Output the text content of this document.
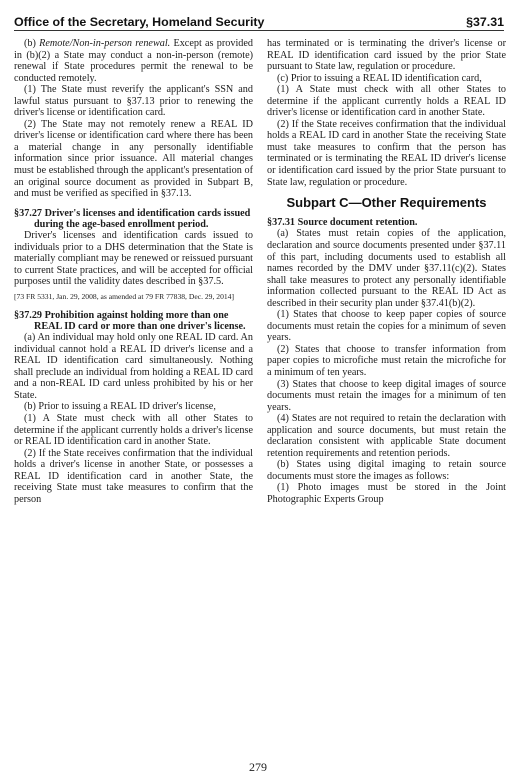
Office of the Secretary, Homeland Security	§37.31

(b) Remote/Non-in-person renewal. Except as provided in (b)(2) a State may conduct a non-in-person (remote) renewal if State procedures permit the renewal to be conducted remotely.

(1) The State must reverify the applicant's SSN and lawful status pursuant to §37.13 prior to renewing the driver's license or identification card.

(2) The State may not remotely renew a REAL ID driver's license or identification card where there has been a material change in any personally identifiable information since prior issuance. All material changes must be established through the applicant's presentation of an original source document as provided in Subpart B, and must be verified as specified in §37.13.

§37.27 Driver's licenses and identification cards issued during the age-based enrollment period.

Driver's licenses and identification cards issued to individuals prior to a DHS determination that the State is materially compliant may be renewed or reissued pursuant to current State practices, and will be accepted for official purposes until the validity dates described in §37.5.

[73 FR 5331, Jan. 29, 2008, as amended at 79 FR 77838, Dec. 29, 2014]

§37.29 Prohibition against holding more than one REAL ID card or more than one driver's license.

(a) An individual may hold only one REAL ID card. An individual cannot hold a REAL ID driver's license and a REAL ID identification card simultaneously. Nothing shall preclude an individual from holding a REAL ID card and a non-REAL ID card unless prohibited by his or her State.

(b) Prior to issuing a REAL ID driver's license,

(1) A State must check with all other States to determine if the applicant currently holds a driver's license or REAL ID identification card in another State.

(2) If the State receives confirmation that the individual holds a driver's license in another State, or possesses a REAL ID identification card in another State, the receiving State must take measures to confirm that the person

has terminated or is terminating the driver's license or REAL ID identification card issued by the prior State pursuant to State law, regulation or procedure.

(c) Prior to issuing a REAL ID identification card,

(1) A State must check with all other States to determine if the applicant currently holds a REAL ID driver's license or identification card in another State.

(2) If the State receives confirmation that the individual holds a REAL ID card in another State the receiving State must take measures to confirm that the person has terminated or is terminating the REAL ID driver's license or identification card issued by the prior State pursuant to State law, regulation or procedure.

Subpart C—Other Requirements
§37.31 Source document retention.

(a) States must retain copies of the application, declaration and source documents presented under §37.11 of this part, including documents used to establish all names recorded by the DMV under §37.11(c)(2). States shall take measures to protect any personally identifiable information collected pursuant to the REAL ID Act as described in their security plan under §37.41(b)(2).

(1) States that choose to keep paper copies of source documents must retain the copies for a minimum of seven years.

(2) States that choose to transfer information from paper copies to microfiche must retain the microfiche for a minimum of ten years.

(3) States that choose to keep digital images of source documents must retain the images for a minimum of ten years.

(4) States are not required to retain the declaration with application and source documents, but must retain the declaration consistent with applicable State document retention requirements and retention periods.

(b) States using digital imaging to retain source documents must store the images as follows:

(1) Photo images must be stored in the Joint Photographic Experts Group

279
